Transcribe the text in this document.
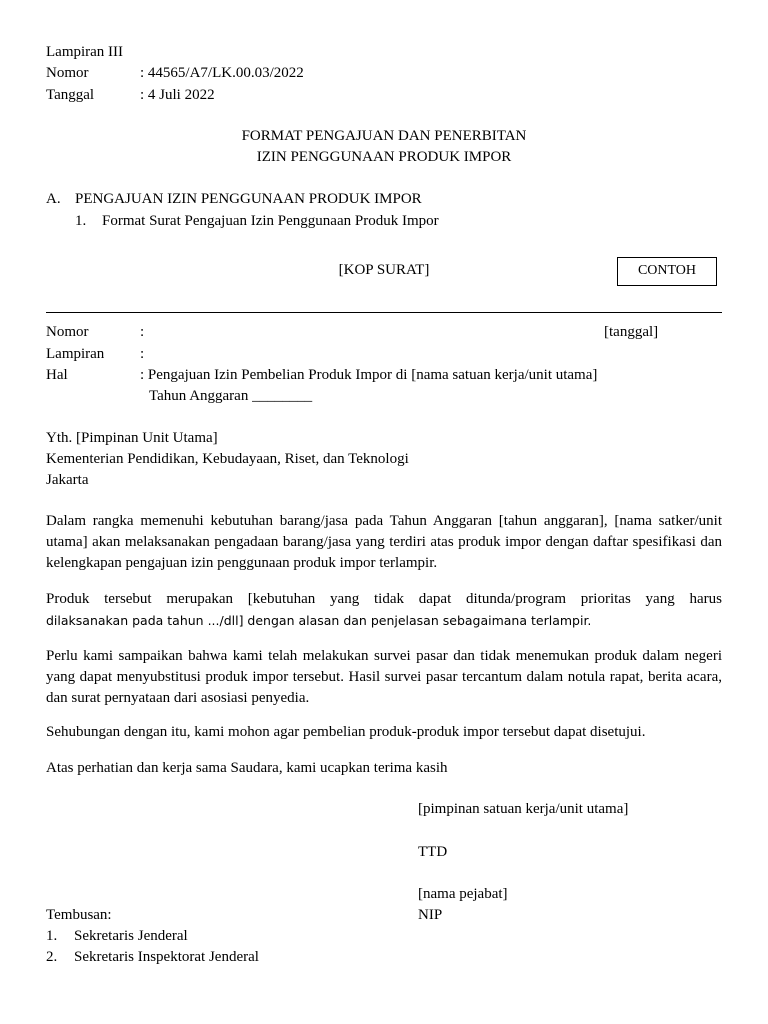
Lampiran III
Nomor	: 44565/A7/LK.00.03/2022
Tanggal	: 4 Juli 2022
FORMAT PENGAJUAN DAN PENERBITAN
IZIN PENGGUNAAN PRODUK IMPOR
A. PENGAJUAN IZIN PENGGUNAAN PRODUK IMPOR
1. Format Surat Pengajuan Izin Penggunaan Produk Impor
[KOP SURAT]	CONTOH
Nomor	:	[tanggal]
Lampiran :
Hal	: Pengajuan Izin Pembelian Produk Impor di [nama satuan kerja/unit utama]
Tahun Anggaran ________
Yth. [Pimpinan Unit Utama]
Kementerian Pendidikan, Kebudayaan, Riset, dan Teknologi
Jakarta
Dalam rangka memenuhi kebutuhan barang/jasa pada Tahun Anggaran [tahun anggaran], [nama satker/unit utama] akan melaksanakan pengadaan barang/jasa yang terdiri atas produk impor dengan daftar spesifikasi dan kelengkapan pengajuan izin penggunaan produk impor terlampir.
Produk tersebut merupakan [kebutuhan yang tidak dapat ditunda/program prioritas yang harus
dilaksanakan pada tahun .../dll] dengan alasan dan penjelasan sebagaimana terlampir.
Perlu kami sampaikan bahwa kami telah melakukan survei pasar dan tidak menemukan produk dalam negeri yang dapat menyubstitusi produk impor tersebut. Hasil survei pasar tercantum dalam notula rapat, berita acara, dan surat pernyataan dari asosiasi penyedia.
Sehubungan dengan itu, kami mohon agar pembelian produk-produk impor tersebut dapat disetujui.
Atas perhatian dan kerja sama Saudara, kami ucapkan terima kasih
[pimpinan satuan kerja/unit utama]
TTD
[nama pejabat]
NIP
Tembusan:
1. Sekretaris Jenderal
2. Sekretaris Inspektorat Jenderal
